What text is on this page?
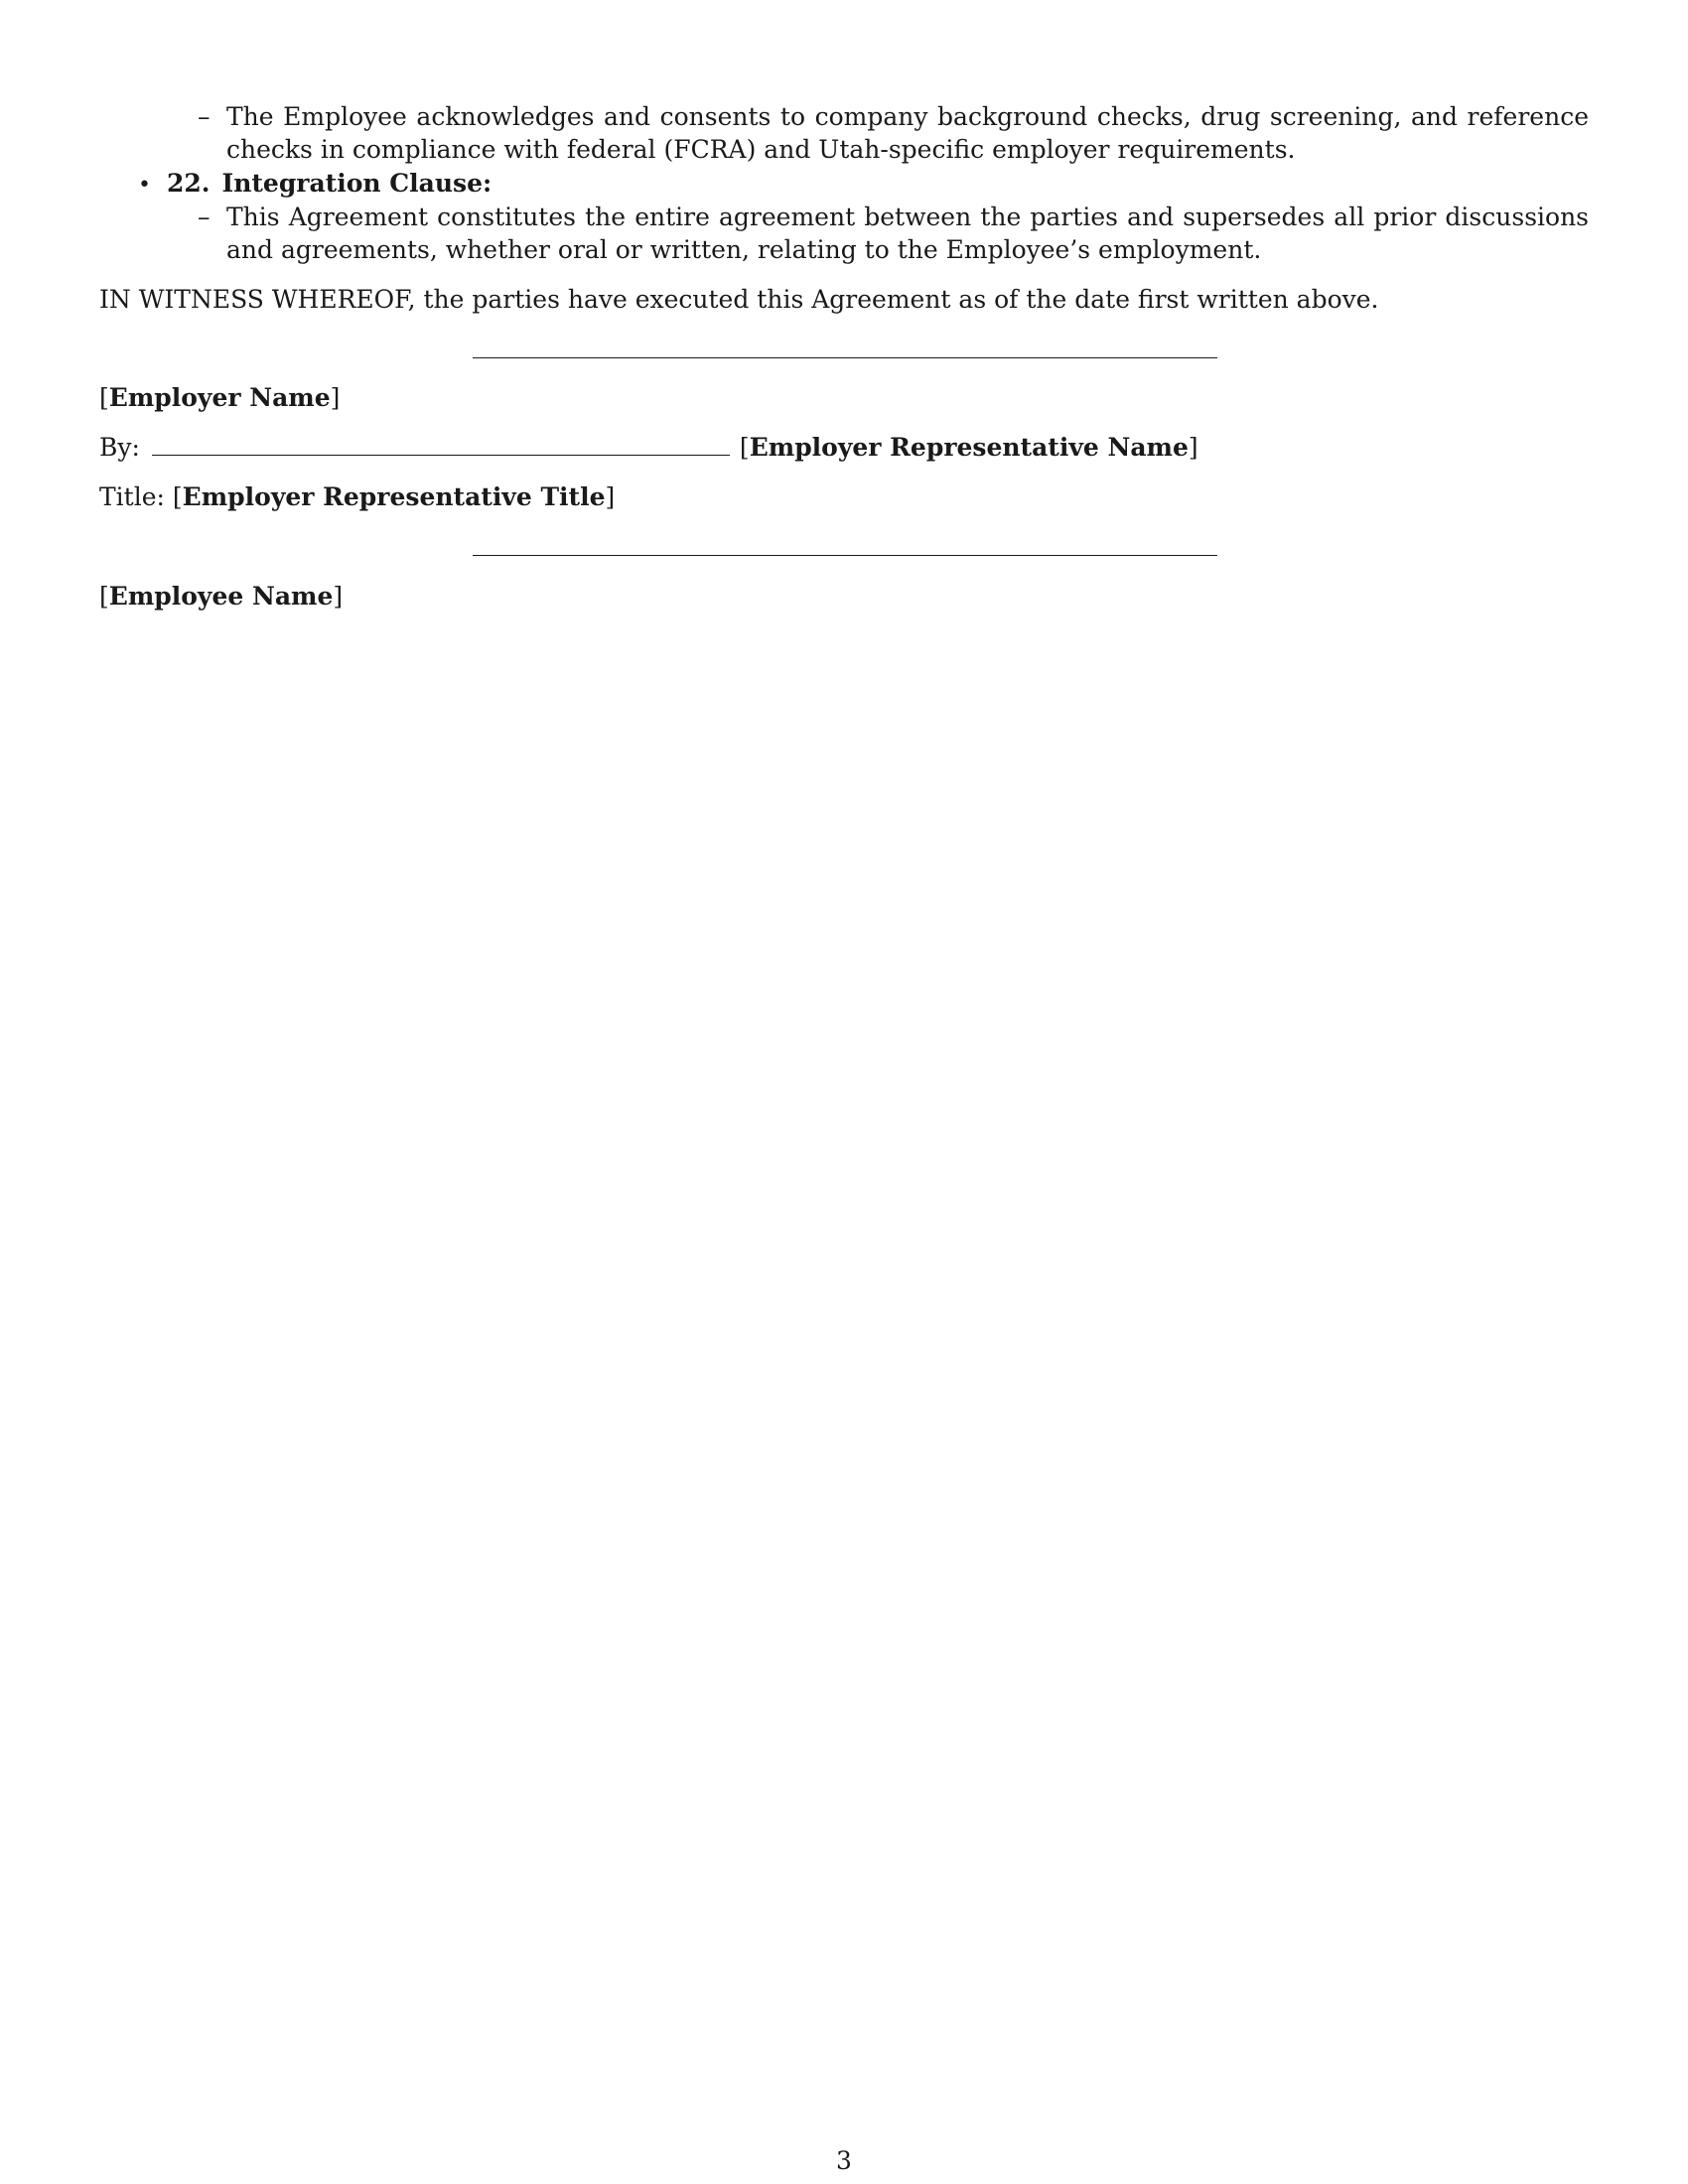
– The Employee acknowledges and consents to company background checks, drug screening, and reference checks in compliance with federal (FCRA) and Utah-specific employer requirements.
• 22. Integration Clause:
– This Agreement constitutes the entire agreement between the parties and supersedes all prior discussions and agreements, whether oral or written, relating to the Employee’s employment.
IN WITNESS WHEREOF, the parties have executed this Agreement as of the date first written above.
[Employer Name]
By:	[Employer Representative Name]
Title: [Employer Representative Title]
[Employee Name]
3
